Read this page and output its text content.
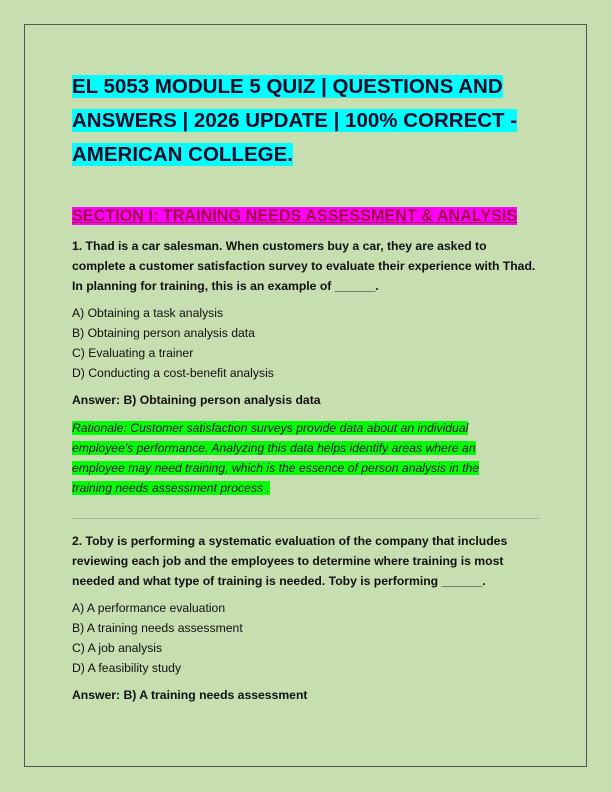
EL 5053 MODULE 5 QUIZ | QUESTIONS AND ANSWERS | 2026 UPDATE | 100% CORRECT - AMERICAN COLLEGE.
SECTION I: TRAINING NEEDS ASSESSMENT & ANALYSIS

1. Thad is a car salesman. When customers buy a car, they are asked to complete a customer satisfaction survey to evaluate their experience with Thad. In planning for training, this is an example of ______.

A) Obtaining a task analysis
B) Obtaining person analysis data
C) Evaluating a trainer
D) Conducting a cost-benefit analysis

Answer: B) Obtaining person analysis data

Rationale: Customer satisfaction surveys provide data about an individual employee's performance. Analyzing this data helps identify areas where an employee may need training, which is the essence of person analysis in the training needs assessment process .

2. Toby is performing a systematic evaluation of the company that includes reviewing each job and the employees to determine where training is most needed and what type of training is needed. Toby is performing ______.

A) A performance evaluation
B) A training needs assessment
C) A job analysis
D) A feasibility study

Answer: B) A training needs assessment
